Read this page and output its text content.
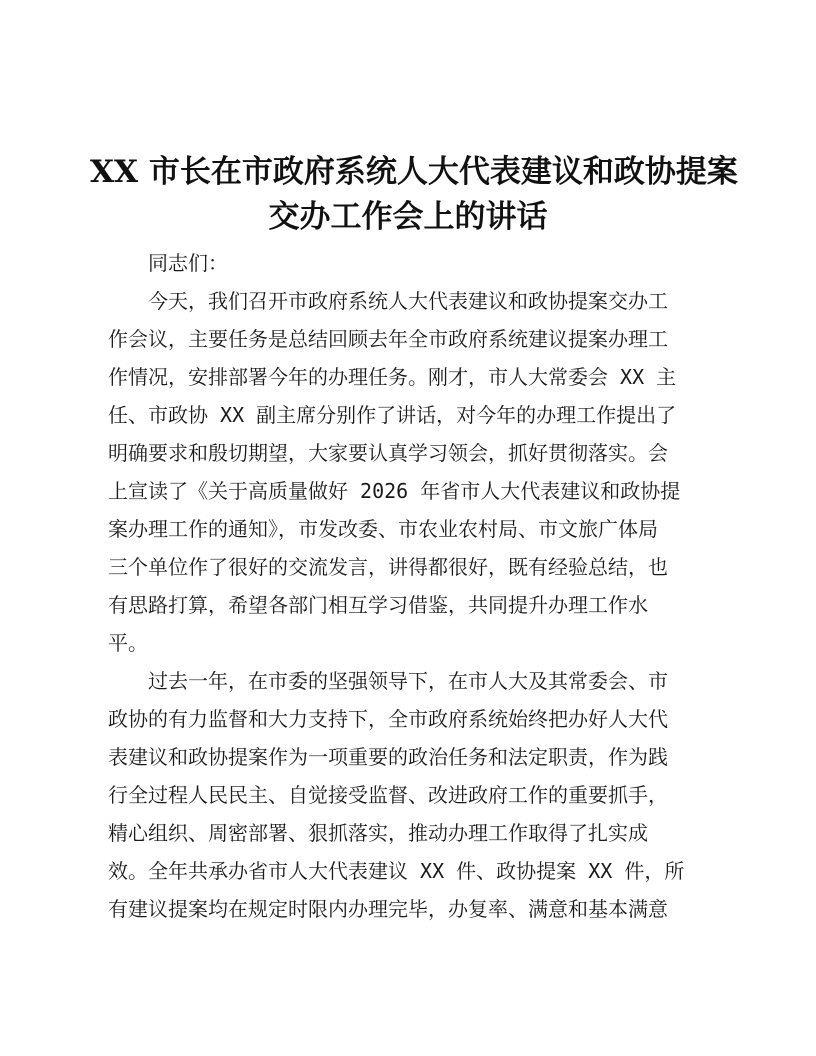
XX 市长在市政府系统人大代表建议和政协提案
交办工作会上的讲话
同志们：
今天，我们召开市政府系统人大代表建议和政协提案交办工
作会议，主要任务是总结回顾去年全市政府系统建议提案办理工
作情况，安排部署今年的办理任务。刚才，市人大常委会 XX 主
任、市政协 XX 副主席分别作了讲话，对今年的办理工作提出了
明确要求和殷切期望，大家要认真学习领会，抓好贯彻落实。会
上宣读了《关于高质量做好 2026 年省市人大代表建议和政协提
案办理工作的通知》，市发改委、市农业农村局、市文旅广体局
三个单位作了很好的交流发言，讲得都很好，既有经验总结，也
有思路打算，希望各部门相互学习借鉴，共同提升办理工作水
平。
过去一年，在市委的坚强领导下，在市人大及其常委会、市
政协的有力监督和大力支持下，全市政府系统始终把办好人大代
表建议和政协提案作为一项重要的政治任务和法定职责，作为践
行全过程人民民主、自觉接受监督、改进政府工作的重要抓手，
精心组织、周密部署、狠抓落实，推动办理工作取得了扎实成
效。全年共承办省市人大代表建议 XX 件、政协提案 XX 件，所
有建议提案均在规定时限内办理完毕，办复率、满意和基本满意
